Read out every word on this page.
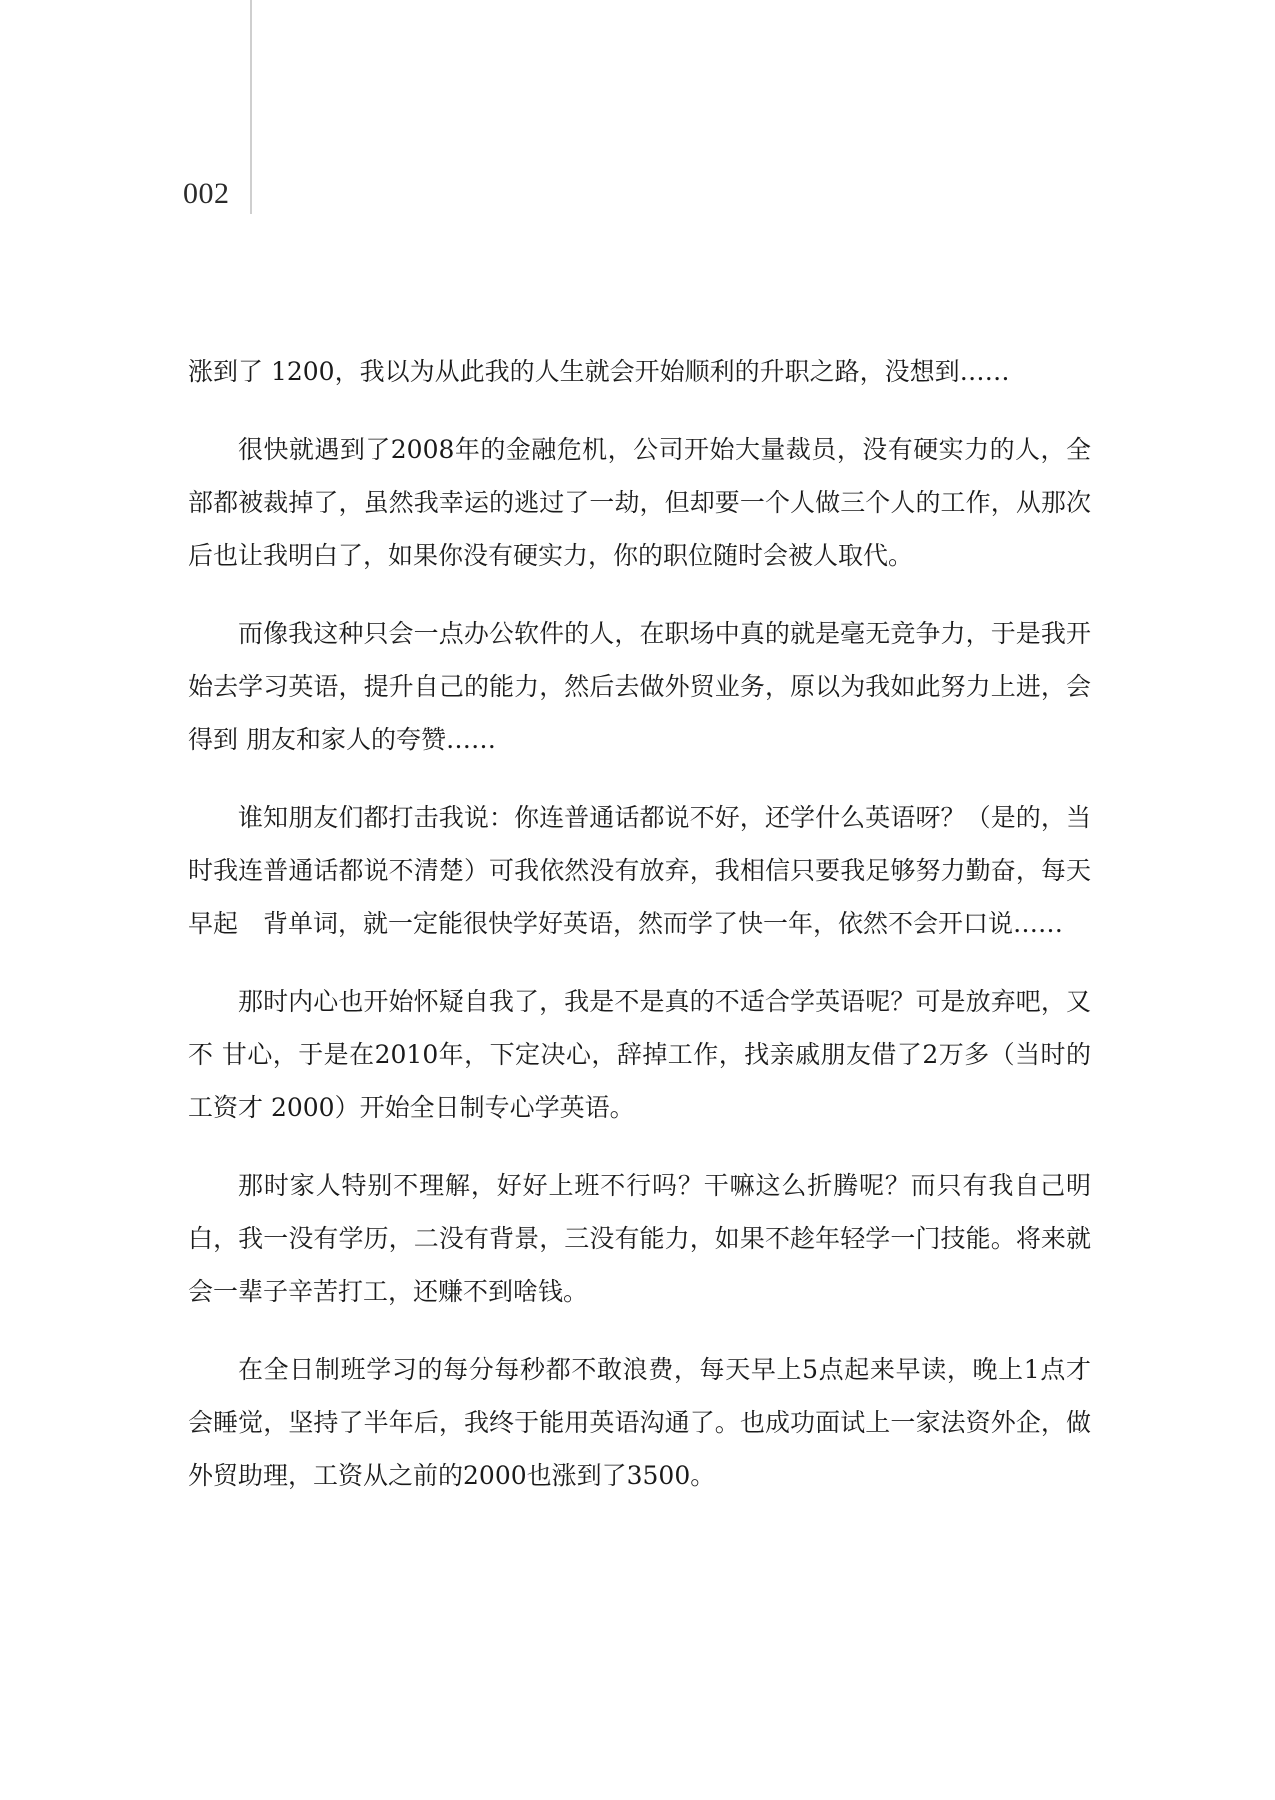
002

涨到了 1200，我以为从此我的人生就会开始顺利的升职之路，没想到……

很快就遇到了2008年的金融危机，公司开始大量裁员，没有硬实力的人，全部都被裁掉了，虽然我幸运的逃过了一劫，但却要一个人做三个人的工作，从那次后也让我明白了，如果你没有硬实力，你的职位随时会被人取代。

而像我这种只会一点办公软件的人，在职场中真的就是毫无竞争力，于是我开始去学习英语，提升自己的能力，然后去做外贸业务，原以为我如此努力上进，会得到 朋友和家人的夸赞……

谁知朋友们都打击我说：你连普通话都说不好，还学什么英语呀？（是的，当时我连普通话都说不清楚）可我依然没有放弃，我相信只要我足够努力勤奋，每天早起　背单词，就一定能很快学好英语，然而学了快一年，依然不会开口说……

那时内心也开始怀疑自我了，我是不是真的不适合学英语呢？可是放弃吧，又不 甘心，于是在2010年，下定决心，辞掉工作，找亲戚朋友借了2万多（当时的工资才 2000）开始全日制专心学英语。

那时家人特别不理解，好好上班不行吗？干嘛这么折腾呢？而只有我自己明白，我一没有学历，二没有背景，三没有能力，如果不趁年轻学一门技能。将来就会一辈子辛苦打工，还赚不到啥钱。

在全日制班学习的每分每秒都不敢浪费，每天早上5点起来早读，晚上1点才会睡觉，坚持了半年后，我终于能用英语沟通了。也成功面试上一家法资外企，做外贸助理，工资从之前的2000也涨到了3500。
